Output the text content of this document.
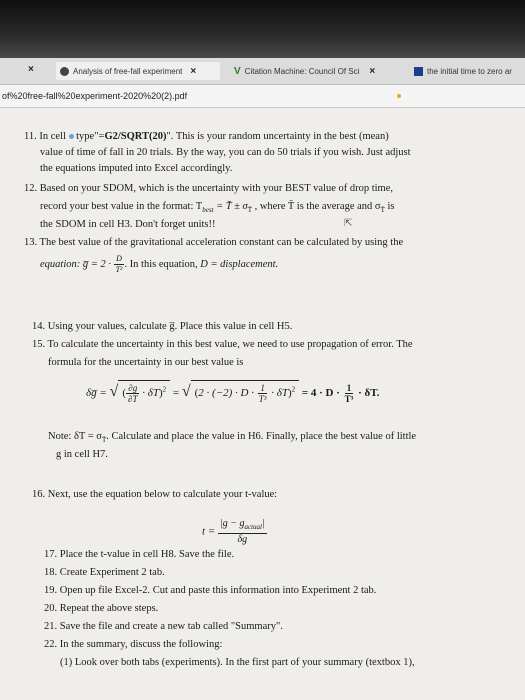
×	Analysis of free-fall experiment ×	V Citation Machine: Council Of Sci ×	the initial time to zero ar
of%20free-fall%20experiment-2020%20(2).pdf
11. In cell  type"=G2/SQRT(20)". This is your random uncertainty in the best (mean)
value of time of fall in 20 trials. By the way, you can do 50 trials if you wish. Just adjust
the equations imputed into Excel accordingly.
12. Based on your SDOM, which is the uncertainty with your BEST value of drop time,
record your best value in the format: $T_{best}$ = T̄ ± $\sigma_{T̄}$ , where T̄ is the average and $\sigma_{T̄}$ is
the SDOM in cell H3. Don't forget units!!	⇱
13. The best value of the gravitational acceleration constant can be calculated by using the
equation: g̅ = $2 \cdot \frac{D}{\text{T²}}$ . In this equation, D = displacement.
14. Using your values, calculate g̅. Place this value in cell H5.
15. To calculate the uncertainty in this best value, we need to use propagation of error. The
formula for the uncertainty in our best value is
δg̅ = √ ( $\frac{\partial g}{\partial T} \cdot \delta T)^2$ = √ $(2 \cdot (-2) \cdot D \cdot \frac{1}{\text{T³}} \cdot \delta T)^2 = 4 \cdot D \cdot \frac{1}{\text{T³}} \cdot \delta T$.
Note: $\delta T = \sigma_{T̄}$. Calculate and place the value in H6. Finally, place the best value of little
g in cell H7.
16. Next, use the equation below to calculate your t-value:
$t = \frac{|g - g_{actual}|}{\delta g}$
17. Place the t-value in cell H8. Save the file.
18. Create Experiment 2 tab.
19. Open up file Excel-2. Cut and paste this information into Experiment 2 tab.
20. Repeat the above steps.
21. Save the file and create a new tab called "Summary".
22. In the summary, discuss the following:
(1) Look over both tabs (experiments). In the first part of your summary (textbox 1),
